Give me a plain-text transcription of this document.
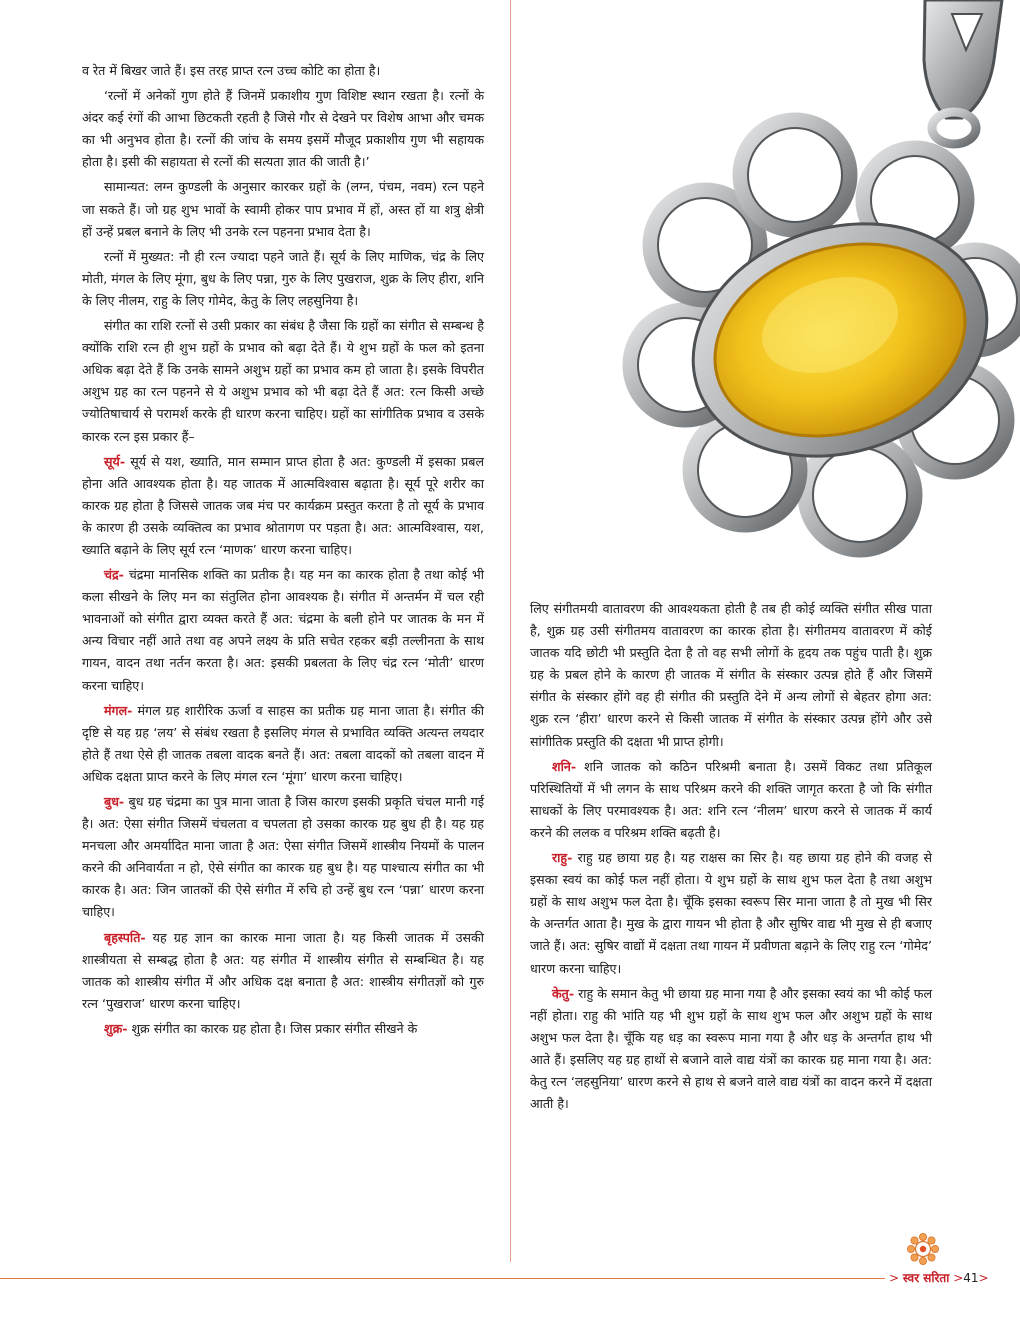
व रेत में बिखर जाते हैं। इस तरह प्राप्त रत्न उच्च कोटि का होता है।

‘रत्नों में अनेकों गुण होते हैं जिनमें प्रकाशीय गुण विशिष्ट स्थान रखता है। रत्नों के अंदर कई रंगों की आभा छिटकती रहती है जिसे गौर से देखने पर विशेष आभा और चमक का भी अनुभव होता है। रत्नों की जांच के समय इसमें मौजूद प्रकाशीय गुण भी सहायक होता है। इसी की सहायता से रत्नों की सत्यता ज्ञात की जाती है।’

सामान्यत: लग्न कुण्डली के अनुसार कारकर ग्रहों के (लग्न, पंचम, नवम) रत्न पहने जा सकते हैं। जो ग्रह शुभ भावों के स्वामी होकर पाप प्रभाव में हों, अस्त हों या शत्रु क्षेत्री हों उन्हें प्रबल बनाने के लिए भी उनके रत्न पहनना प्रभाव देता है।

रत्नों में मुख्यत: नौ ही रत्न ज्यादा पहने जाते हैं। सूर्य के लिए माणिक, चंद्र के लिए मोती, मंगल के लिए मूंगा, बुध के लिए पन्ना, गुरु के लिए पुखराज, शुक्र के लिए हीरा, शनि के लिए नीलम, राहु के लिए गोमेद, केतु के लिए लहसुनिया है।

संगीत का राशि रत्नों से उसी प्रकार का संबंध है जैसा कि ग्रहों का संगीत से सम्बन्ध है क्योंकि राशि रत्न ही शुभ ग्रहों के प्रभाव को बढ़ा देते हैं। ये शुभ ग्रहों के फल को इतना अधिक बढ़ा देते हैं कि उनके सामने अशुभ ग्रहों का प्रभाव कम हो जाता है। इसके विपरीत अशुभ ग्रह का रत्न पहनने से ये अशुभ प्रभाव को भी बढ़ा देते हैं अत: रत्न किसी अच्छे ज्योतिषाचार्य से परामर्श करके ही धारण करना चाहिए। ग्रहों का सांगीतिक प्रभाव व उसके कारक रत्न इस प्रकार हैं–

सूर्य- सूर्य से यश, ख्याति, मान सम्मान प्राप्त होता है अत: कुण्डली में इसका प्रबल होना अति आवश्यक होता है। यह जातक में आत्मविश्वास बढ़ाता है। सूर्य पूरे शरीर का कारक ग्रह होता है जिससे जातक जब मंच पर कार्यक्रम प्रस्तुत करता है तो सूर्य के प्रभाव के कारण ही उसके व्यक्तित्व का प्रभाव श्रोतागण पर पड़ता है। अत: आत्मविश्वास, यश, ख्याति बढ़ाने के लिए सूर्य रत्न ‘माणक’ धारण करना चाहिए।

चंद्र- चंद्रमा मानसिक शक्ति का प्रतीक है। यह मन का कारक होता है तथा कोई भी कला सीखने के लिए मन का संतुलित होना आवश्यक है। संगीत में अन्तर्मन में चल रही भावनाओं को संगीत द्वारा व्यक्त करते हैं अत: चंद्रमा के बली होने पर जातक के मन में अन्य विचार नहीं आते तथा वह अपने लक्ष्य के प्रति सचेत रहकर बड़ी तल्लीनता के साथ गायन, वादन तथा नर्तन करता है। अत: इसकी प्रबलता के लिए चंद्र रत्न ‘मोती’ धारण करना चाहिए।

मंगल- मंगल ग्रह शारीरिक ऊर्जा व साहस का प्रतीक ग्रह माना जाता है। संगीत की दृष्टि से यह ग्रह ‘लय’ से संबंध रखता है इसलिए मंगल से प्रभावित व्यक्ति अत्यन्त लयदार होते हैं तथा ऐसे ही जातक तबला वादक बनते हैं। अत: तबला वादकों को तबला वादन में अधिक दक्षता प्राप्त करने के लिए मंगल रत्न ‘मूंगा’ धारण करना चाहिए।

बुध- बुध ग्रह चंद्रमा का पुत्र माना जाता है जिस कारण इसकी प्रकृति चंचल मानी गई है। अत: ऐसा संगीत जिसमें चंचलता व चपलता हो उसका कारक ग्रह बुध ही है। यह ग्रह मनचला और अमर्यादित माना जाता है अत: ऐसा संगीत जिसमें शास्त्रीय नियमों के पालन करने की अनिवार्यता न हो, ऐसे संगीत का कारक ग्रह बुध है। यह पाश्चात्य संगीत का भी कारक है। अत: जिन जातकों की ऐसे संगीत में रुचि हो उन्हें बुध रत्न ‘पन्ना’ धारण करना चाहिए।

बृहस्पति- यह ग्रह ज्ञान का कारक माना जाता है। यह किसी जातक में उसकी शास्त्रीयता से सम्बद्ध होता है अत: यह संगीत में शास्त्रीय संगीत से सम्बन्धित है। यह जातक को शास्त्रीय संगीत में और अधिक दक्ष बनाता है अत: शास्त्रीय संगीतज्ञों को गुरु रत्न ‘पुखराज’ धारण करना चाहिए।

शुक्र- शुक्र संगीत का कारक ग्रह होता है। जिस प्रकार संगीत सीखने के

लिए संगीतमयी वातावरण की आवश्यकता होती है तब ही कोई व्यक्ति संगीत सीख पाता है, शुक्र ग्रह उसी संगीतमय वातावरण का कारक होता है। संगीतमय वातावरण में कोई जातक यदि छोटी भी प्रस्तुति देता है तो वह सभी लोगों के हृदय तक पहुंच पाती है। शुक्र ग्रह के प्रबल होने के कारण ही जातक में संगीत के संस्कार उत्पन्न होते हैं और जिसमें संगीत के संस्कार होंगे वह ही संगीत की प्रस्तुति देने में अन्य लोगों से बेहतर होगा अत: शुक्र रत्न ‘हीरा’ धारण करने से किसी जातक में संगीत के संस्कार उत्पन्न होंगे और उसे सांगीतिक प्रस्तुति की दक्षता भी प्राप्त होगी।

शनि- शनि जातक को कठिन परिश्रमी बनाता है। उसमें विकट तथा प्रतिकूल परिस्थितियों में भी लगन के साथ परिश्रम करने की शक्ति जागृत करता है जो कि संगीत साधकों के लिए परमावश्यक है। अत: शनि रत्न ‘नीलम’ धारण करने से जातक में कार्य करने की ललक व परिश्रम शक्ति बढ़ती है।

राहु- राहु ग्रह छाया ग्रह है। यह राक्षस का सिर है। यह छाया ग्रह होने की वजह से इसका स्वयं का कोई फल नहीं होता। ये शुभ ग्रहों के साथ शुभ फल देता है तथा अशुभ ग्रहों के साथ अशुभ फल देता है। चूँकि इसका स्वरूप सिर माना जाता है तो मुख भी सिर के अन्तर्गत आता है। मुख के द्वारा गायन भी होता है और सुषिर वाद्य भी मुख से ही बजाए जाते हैं। अत: सुषिर वाद्यों में दक्षता तथा गायन में प्रवीणता बढ़ाने के लिए राहु रत्न ‘गोमेद’ धारण करना चाहिए।

केतु- राहु के समान केतु भी छाया ग्रह माना गया है और इसका स्वयं का भी कोई फल नहीं होता। राहु की भांति यह भी शुभ ग्रहों के साथ शुभ फल और अशुभ ग्रहों के साथ अशुभ फल देता है। चूँकि यह धड़ का स्वरूप माना गया है और धड़ के अन्तर्गत हाथ भी आते हैं। इसलिए यह ग्रह हाथों से बजाने वाले वाद्य यंत्रों का कारक ग्रह माना गया है। अत: केतु रत्न ‘लहसुनिया’ धारण करने से हाथ से बजने वाले वाद्य यंत्रों का वादन करने में दक्षता आती है।

> स्वर सरिता >41>
